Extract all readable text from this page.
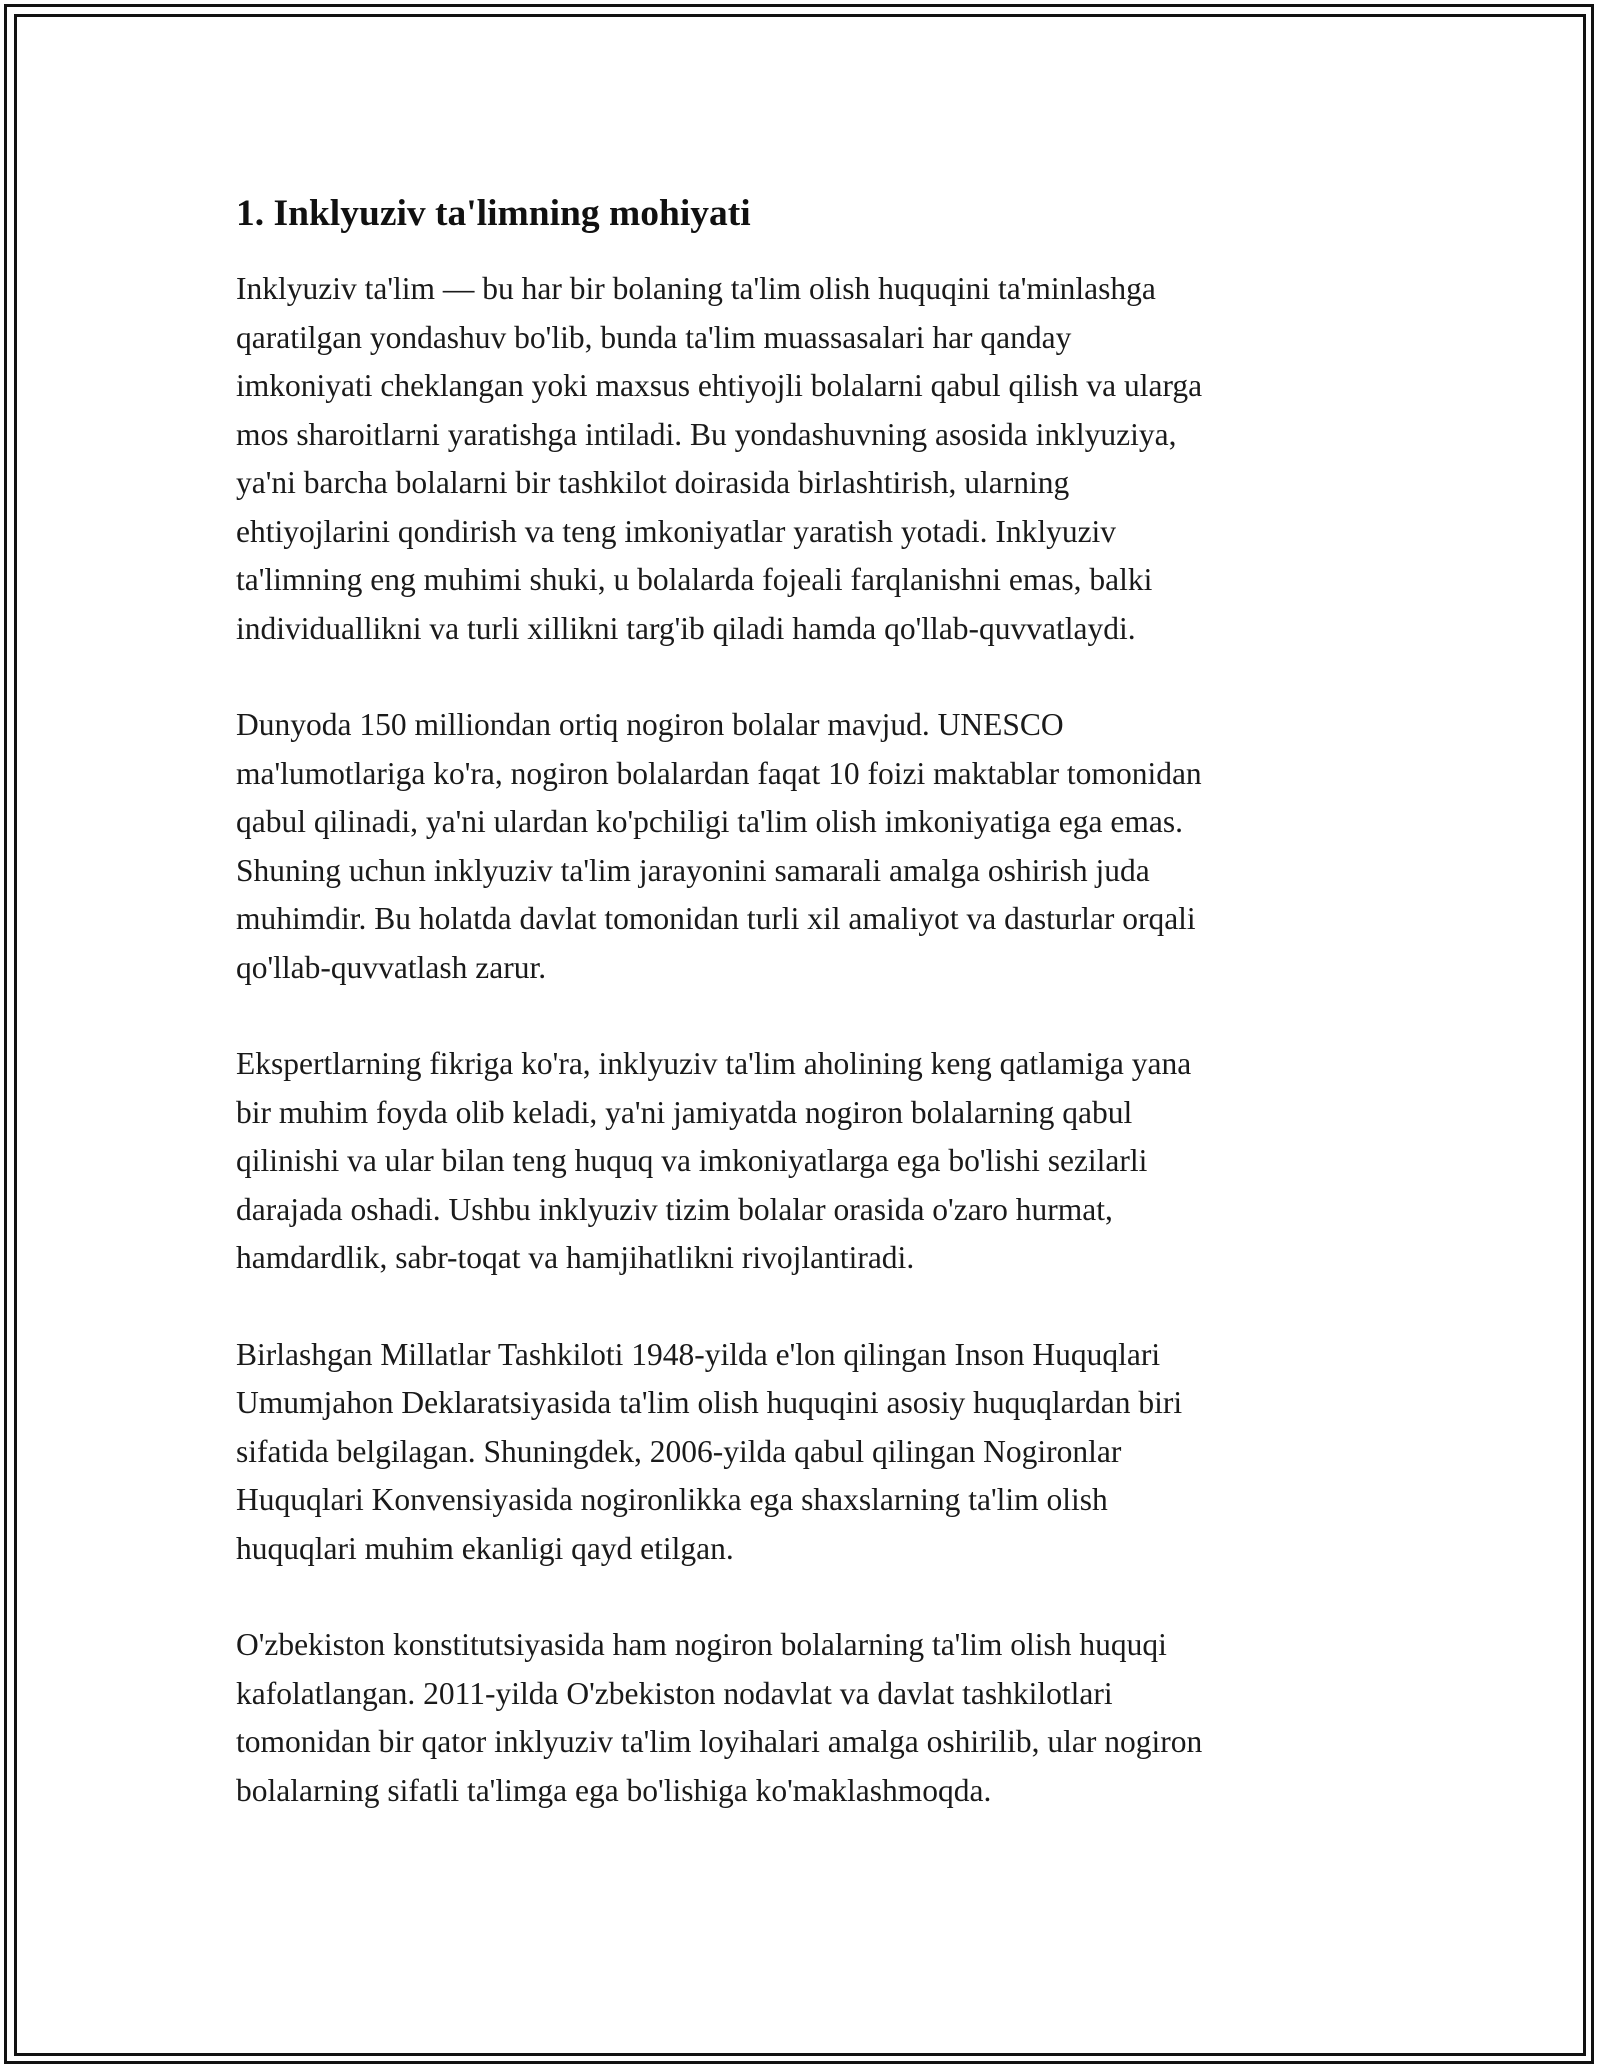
1. Inklyuziv ta'limning mohiyati

Inklyuziv ta'lim — bu har bir bolaning ta'lim olish huquqini ta'minlashga
qaratilgan yondashuv bo'lib, bunda ta'lim muassasalari har qanday
imkoniyati cheklangan yoki maxsus ehtiyojli bolalarni qabul qilish va ularga
mos sharoitlarni yaratishga intiladi. Bu yondashuvning asosida inklyuziya,
ya'ni barcha bolalarni bir tashkilot doirasida birlashtirish, ularning
ehtiyojlarini qondirish va teng imkoniyatlar yaratish yotadi. Inklyuziv
ta'limning eng muhimi shuki, u bolalarda fojeali farqlanishni emas, balki
individuallikni va turli xillikni targ'ib qiladi hamda qo'llab-quvvatlaydi.

Dunyoda 150 milliondan ortiq nogiron bolalar mavjud. UNESCO
ma'lumotlariga ko'ra, nogiron bolalardan faqat 10 foizi maktablar tomonidan
qabul qilinadi, ya'ni ulardan ko'pchiligi ta'lim olish imkoniyatiga ega emas.
Shuning uchun inklyuziv ta'lim jarayonini samarali amalga oshirish juda
muhimdir. Bu holatda davlat tomonidan turli xil amaliyot va dasturlar orqali
qo'llab-quvvatlash zarur.

Ekspertlarning fikriga ko'ra, inklyuziv ta'lim aholining keng qatlamiga yana
bir muhim foyda olib keladi, ya'ni jamiyatda nogiron bolalarning qabul
qilinishi va ular bilan teng huquq va imkoniyatlarga ega bo'lishi sezilarli
darajada oshadi. Ushbu inklyuziv tizim bolalar orasida o'zaro hurmat,
hamdardlik, sabr-toqat va hamjihatlikni rivojlantiradi.

Birlashgan Millatlar Tashkiloti 1948-yilda e'lon qilingan Inson Huquqlari
Umumjahon Deklaratsiyasida ta'lim olish huquqini asosiy huquqlardan biri
sifatida belgilagan. Shuningdek, 2006-yilda qabul qilingan Nogironlar
Huquqlari Konvensiyasida nogironlikka ega shaxslarning ta'lim olish
huquqlari muhim ekanligi qayd etilgan.

O'zbekiston konstitutsiyasida ham nogiron bolalarning ta'lim olish huquqi
kafolatlangan. 2011-yilda O'zbekiston nodavlat va davlat tashkilotlari
tomonidan bir qator inklyuziv ta'lim loyihalari amalga oshirilib, ular nogiron
bolalarning sifatli ta'limga ega bo'lishiga ko'maklashmoqda.
